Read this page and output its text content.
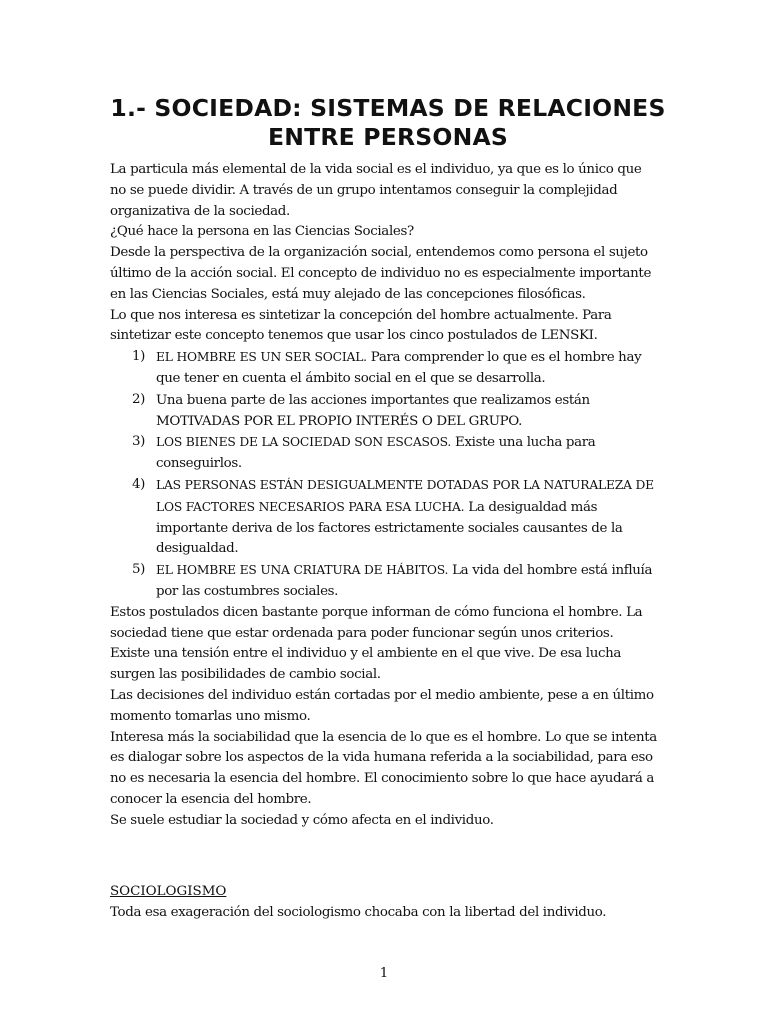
1.- SOCIEDAD: SISTEMAS DE RELACIONES
ENTRE PERSONAS
La particula más elemental de la vida social es el individuo, ya que es lo único que no se puede dividir. A través de un grupo intentamos conseguir la complejidad organizativa de la sociedad.
¿Qué hace la persona en las Ciencias Sociales?
Desde la perspectiva de la organización social, entendemos como persona el sujeto último de la acción social. El concepto de individuo no es especialmente importante en las Ciencias Sociales, está muy alejado de las concepciones filosóficas.
Lo que nos interesa es sintetizar la concepción del hombre actualmente. Para sintetizar este concepto tenemos que usar los cinco postulados de LENSKI.
1) EL HOMBRE ES UN SER SOCIAL. Para comprender lo que es el hombre hay que tener en cuenta el ámbito social en el que se desarrolla.
2) Una buena parte de las acciones importantes que realizamos están MOTIVADAS POR EL PROPIO INTERÉS O DEL GRUPO.
3) LOS BIENES DE LA SOCIEDAD SON ESCASOS. Existe una lucha para conseguirlos.
4) LAS PERSONAS ESTÁN DESIGUALMENTE DOTADAS POR LA NATURALEZA DE LOS FACTORES NECESARIOS PARA ESA LUCHA. La desigualdad más importante deriva de los factores estrictamente sociales causantes de la desigualdad.
5) EL HOMBRE ES UNA CRIATURA DE HÁBITOS. La vida del hombre está influía por las costumbres sociales.
Estos postulados dicen bastante porque informan de cómo funciona el hombre. La sociedad tiene que estar ordenada para poder funcionar según unos criterios.
Existe una tensión entre el individuo y el ambiente en el que vive. De esa lucha surgen las posibilidades de cambio social.
Las decisiones del individuo están cortadas por el medio ambiente, pese a en último momento tomarlas uno mismo.
Interesa más la sociabilidad que la esencia de lo que es el hombre. Lo que se intenta es dialogar sobre los aspectos de la vida humana referida a la sociabilidad, para eso no es necesaria la esencia del hombre. El conocimiento sobre lo que hace ayudará a conocer la esencia del hombre.
Se suele estudiar la sociedad y cómo afecta en el individuo.
SOCIOLOGISMO
Toda esa exageración del sociologismo chocaba con la libertad del individuo.
1
